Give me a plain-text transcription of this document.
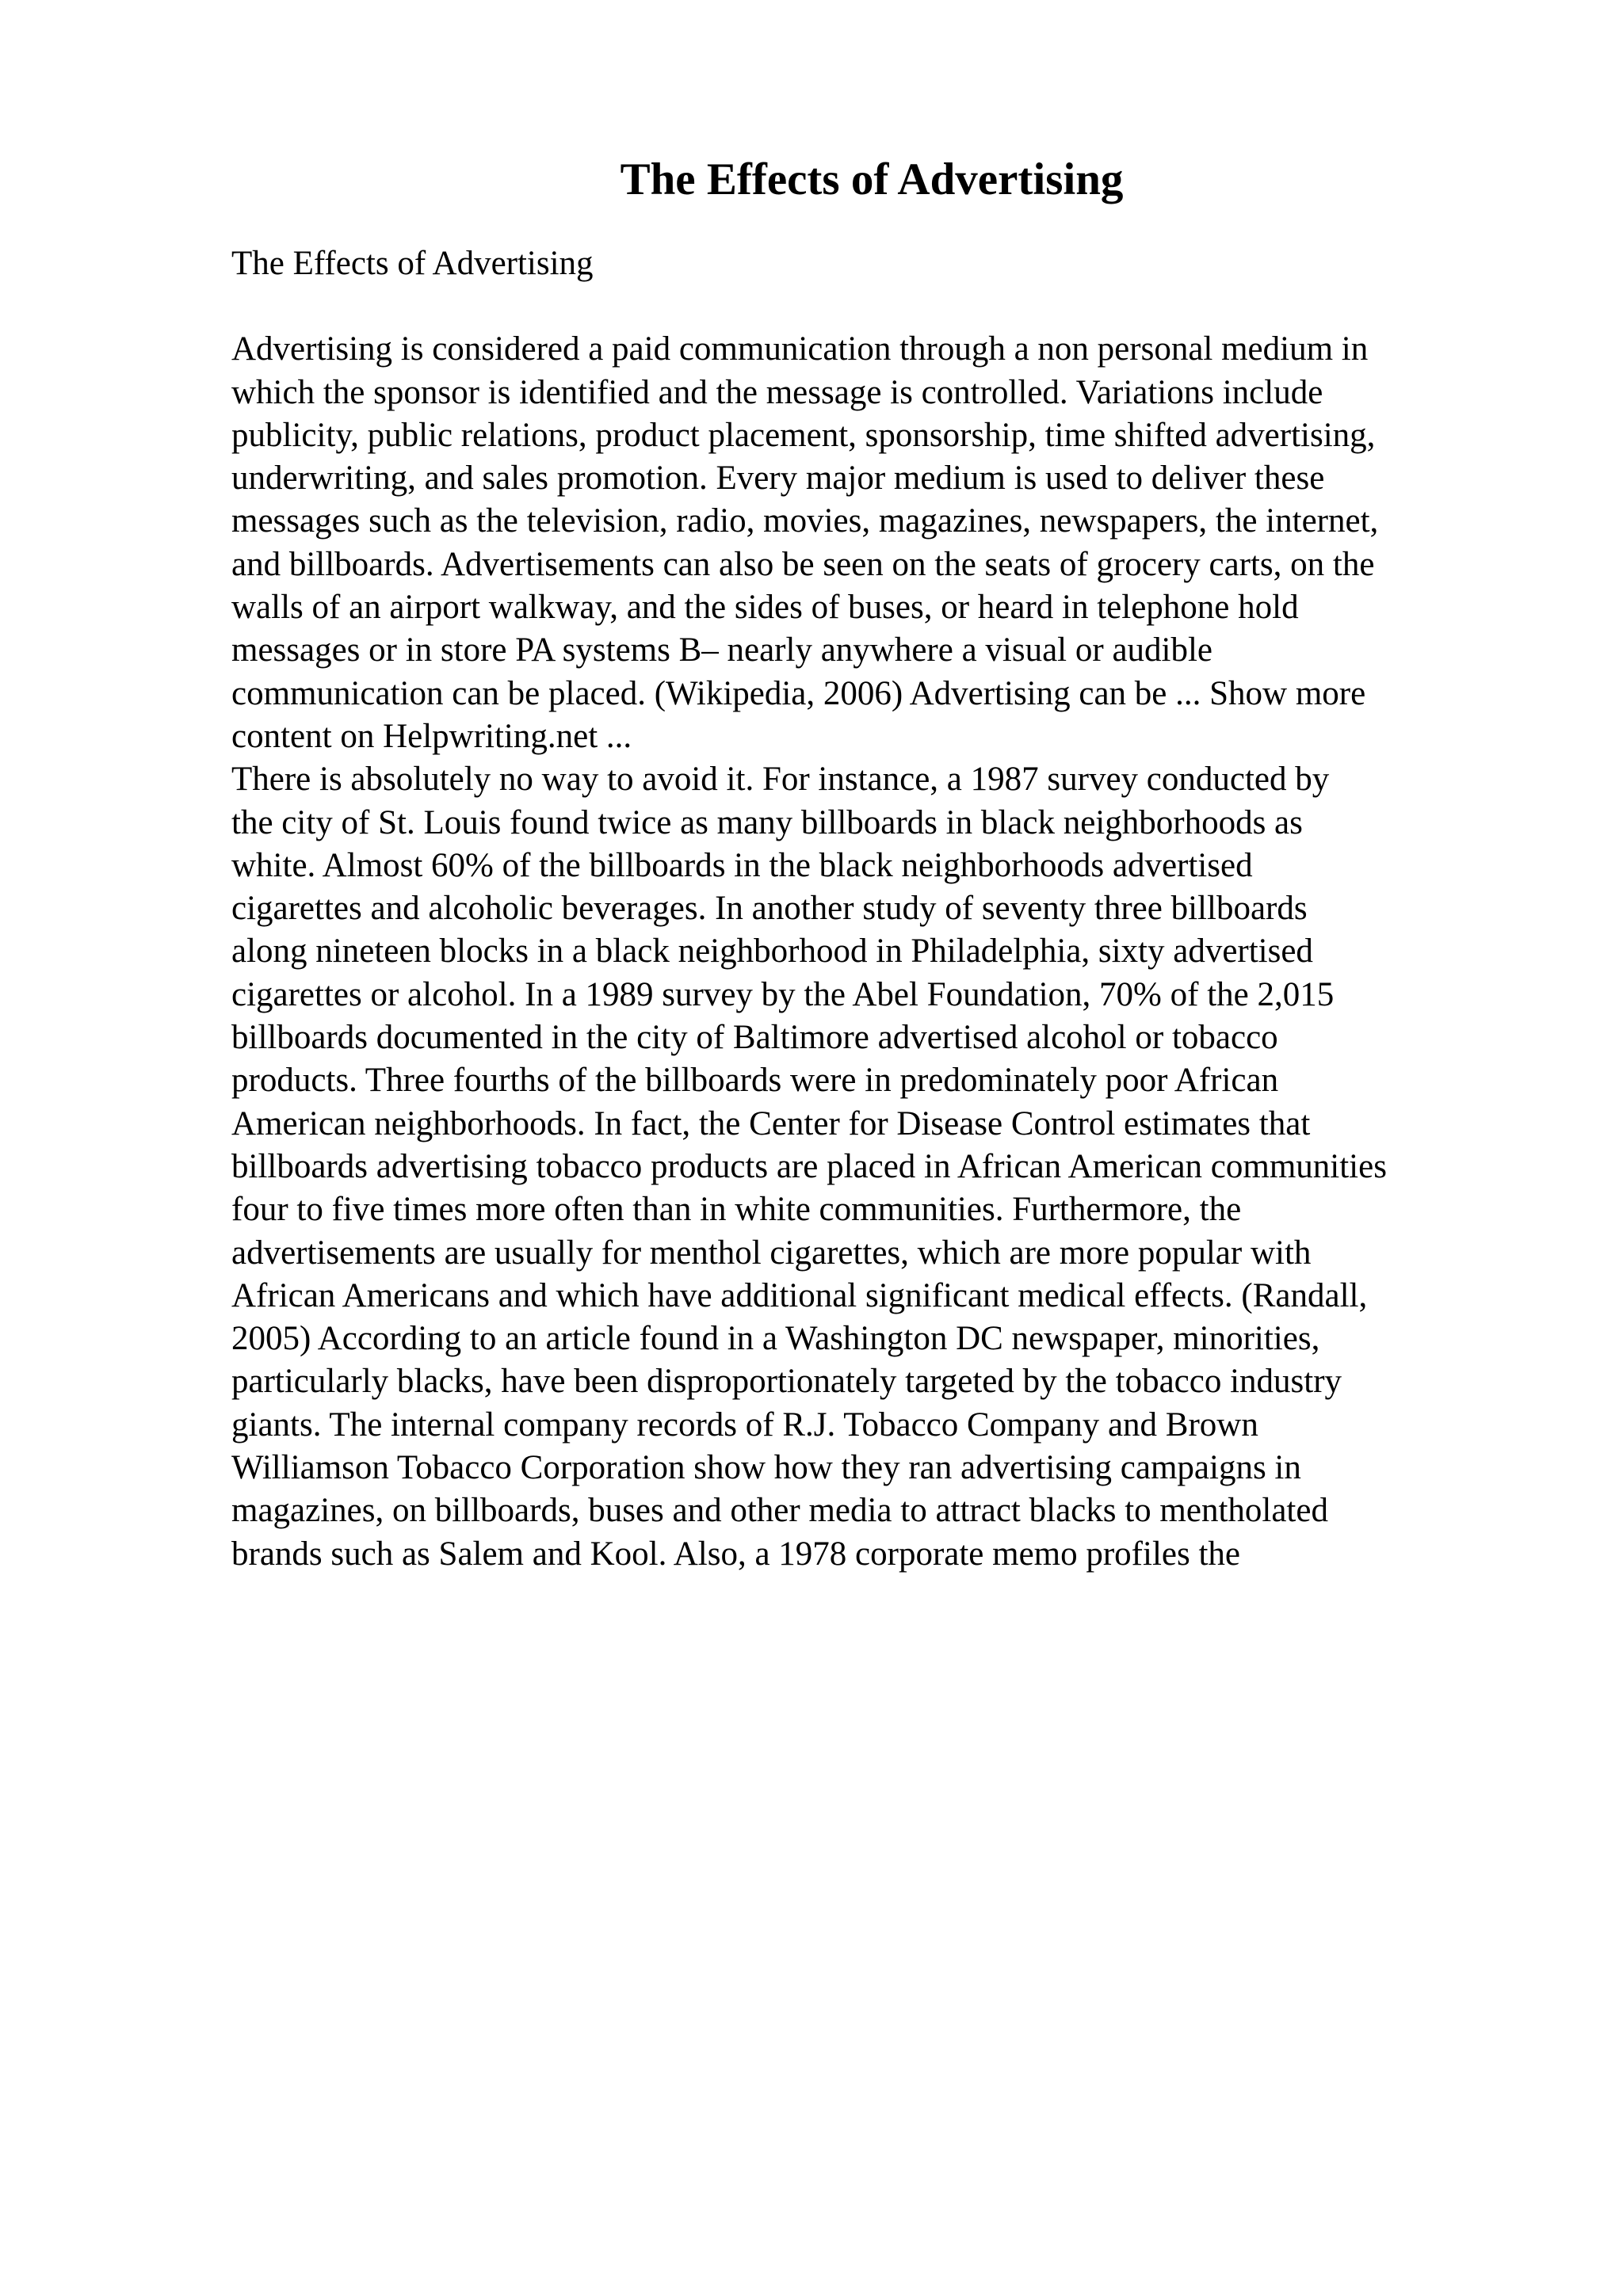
The Effects of Advertising

The Effects of Advertising

Advertising is considered a paid communication through a non personal medium in
which the sponsor is identified and the message is controlled. Variations include
publicity, public relations, product placement, sponsorship, time shifted advertising,
underwriting, and sales promotion. Every major medium is used to deliver these
messages such as the television, radio, movies, magazines, newspapers, the internet,
and billboards. Advertisements can also be seen on the seats of grocery carts, on the
walls of an airport walkway, and the sides of buses, or heard in telephone hold
messages or in store PA systems B– nearly anywhere a visual or audible
communication can be placed. (Wikipedia, 2006) Advertising can be ... Show more
content on Helpwriting.net ...
There is absolutely no way to avoid it. For instance, a 1987 survey conducted by
the city of St. Louis found twice as many billboards in black neighborhoods as
white. Almost 60% of the billboards in the black neighborhoods advertised
cigarettes and alcoholic beverages. In another study of seventy three billboards
along nineteen blocks in a black neighborhood in Philadelphia, sixty advertised
cigarettes or alcohol. In a 1989 survey by the Abel Foundation, 70% of the 2,015
billboards documented in the city of Baltimore advertised alcohol or tobacco
products. Three fourths of the billboards were in predominately poor African
American neighborhoods. In fact, the Center for Disease Control estimates that
billboards advertising tobacco products are placed in African American communities
four to five times more often than in white communities. Furthermore, the
advertisements are usually for menthol cigarettes, which are more popular with
African Americans and which have additional significant medical effects. (Randall,
2005) According to an article found in a Washington DC newspaper, minorities,
particularly blacks, have been disproportionately targeted by the tobacco industry
giants. The internal company records of R.J. Tobacco Company and Brown
Williamson Tobacco Corporation show how they ran advertising campaigns in
magazines, on billboards, buses and other media to attract blacks to mentholated
brands such as Salem and Kool. Also, a 1978 corporate memo profiles the
